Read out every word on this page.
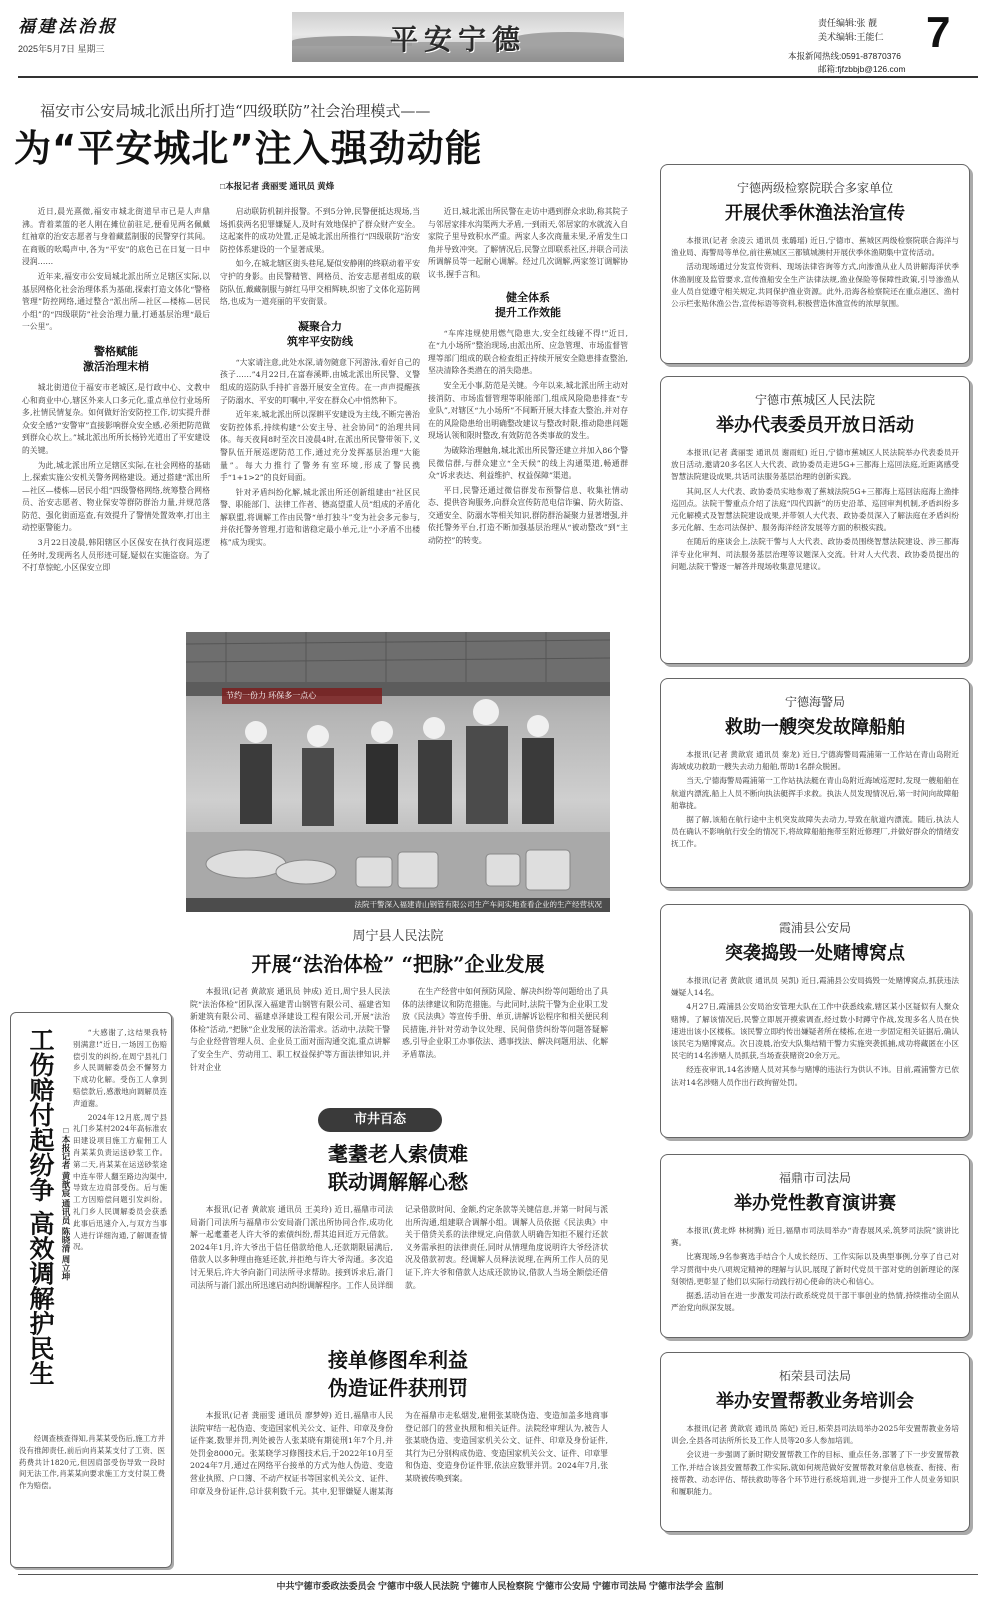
福建法治报
2025年5月7日 星期三	平安宁德	责任编辑:张 靓
美术编辑:王能仁 7
本报新闻热线:0591-87870376
邮箱:fjfzbbjb@126.com
福安市公安局城北派出所打造“四级联防”社会治理模式——
为“平安城北”注入强劲动能
□本报记者 龚丽雯 通讯员 黄烽

近日,晨光熹微,福安市城北街道早市已是人声鼎沸。背着菜篮的老人刚在摊位前驻足,便看见两名佩戴红袖章的治安志愿者与身着藏蓝制服的民警穿行其间。在商贩的吆喝声中,各为“平安”的底色已在日复一日中浸润……

近年来,福安市公安局城北派出所立足辖区实际,以基层网格化社会治理体系为基础,探索打造文体化“警格管理”防控网络,通过整合“派出所—社区—楼栋—居民小组”的“四级联防”社会治理力量,打通基层治理“最后一公里”。

警格赋能
激活治理末梢

城北街道位于福安市老城区,是行政中心、文教中心和商业中心,辖区外来人口多元化,重点单位行业场所多,社情民情复杂。如何做好治安防控工作,切实提升群众安全感?“安警审”直接影响群众安全感,必须把防范做到群众心坎上。”城北派出所所长杨钤光道出了平安建设的关键。

为此,城北派出所立足辖区实际,在社会网格的基础上,探索实施公安机关警务网格建设。通过搭建“派出所—社区—楼栋—居民小组”四级警格网络,统筹整合网格员、治安志愿者、物业保安等群防群治力量,并规范落防范、强化街面巡查,有效提升了警情处置效率,打出主动控驱警能力。

3月22日凌晨,韩阳辖区小区保安在执行夜间巡逻任务时,发现两名人员形迹可疑,疑似在实施盗窃。为了不打草惊蛇,小区保安立即

启动联防机制并报警。不到5分钟,民警便抵达现场,当场抓获两名犯罪嫌疑人,及时有效地保护了群众财产安全。这起案件的成功处置,正是城北派出所推行“四级联防”治安防控体系建设的一个显著成果。

如今,在城北辖区街头巷尾,疑似安静刚的终联动着平安守护的身影。由民警精管、网格员、治安志愿者组成的联防队伍,戴藏制服与鲜红马甲交相辉映,织密了文体化巡防网络,也成为一道亮丽的平安街景。

凝聚合力
筑牢平安防线

“大家请注意,此处水深,请勿随意下河游泳,看好自己的孩子……”4月22日,在富春溪畔,由城北派出所民警、义警组成的巡防队手持扩音器开展安全宣传。在一声声提醒孩子防溺水、平安的叮嘱中,平安在群众心中悄然种下。

近年来,城北派出所以深耕平安建设为主线,不断完善治安防控体系,持续构建“公安主导、社会协同”的治理共同体。每天夜间8时至次日凌晨4时,在派出所民警带领下,义警队伍开展巡逻防范工作,通过充分发挥基层治理“大能量”。每大力推行了警务有室环境,形成了警民携手“1+1>2”的良好局面。

针对矛盾纠纷化解,城北派出所还创新组建由“社区民警、职能部门、法律工作者、德高望重人员”组成的矛盾化解联盟,将调解工作由民警“单打独斗”变为社会多元参与,并依托警务管理,打造和谐稳定最小单元,让“小矛盾不出楼栋”成为现实。

近日,城北派出所民警在走访中遇到群众求助,称其院子与邻居家排水沟渠两大矛盾,一到雨天,邻居家的水就流入自家院子里导致积水严重。两家人多次商量未果,矛盾发生口角并导致冲突。了解情况后,民警立即联系社区,并联合司法所调解员等一起耐心调解。经过几次调解,两家签订调解协议书,握手言和。

健全体系
提升工作效能

“车库违规使用燃气隐患大,安全红线碰不得!”近日,在“九小场所”整治现场,由派出所、应急管理、市场监督管理等部门组成的联合检查组正持续开展安全隐患排查整治,坚决清除各类潜在的消失隐患。

安全无小事,防范是关键。今年以来,城北派出所主动对接消防、市场监督管理等职能部门,组成风险隐患排查“专业队”,对辖区“九小场所”不间断开展大排查大整治,并对存在的风险隐患给出明确整改建议与整改时限,推动隐患问题现场认领和限时整改,有效防范各类事故的发生。

为破除治理触角,城北派出所民警还建立并加入86个警民微信群,与群众建立“全天候”的线上沟通渠道,畅通群众“诉求表达、利益维护、权益保障”渠道。

平日,民警还通过微信群发布预警信息、收集社情动态、提供咨询服务,向群众宣传防范电信诈骗、防火防盗、交通安全、防溺水等相关知识,群防群治凝聚力显著增强,并依托警务平台,打造不断加强基层治理从“被动整改”到“主动防控”的转变。

工伤赔付起纷争 高效调解护民生 □本报记者 黄歆宸 通讯员 陈晓清 周立坤

“大感谢了,这结果我特别满意!”近日,一场因工伤赔偿引发的纠纷,在周宁县礼门乡人民调解委员会不懈努力下成功化解。受伤工人拿到赔偿款后,感激地向调解员连声道谢。

2024年12月底,周宁县礼门乡某村2024年高标准农田建设项目施工方雇佣工人肖某某负责运送砂浆工作。第二天,肖某某在运送砂浆途中连车带人翻至路边沟渠中,导致左边肩部受伤。后与施工方因赔偿问题引发纠纷。礼门乡人民调解委员会获悉此事后迅速介入,与双方当事人进行详细沟通,了解调查情况。

经调查核查得知,肖某某受伤后,施工方并没有推卸责任,前后向肖某某支付了工资、医药费共计1820元,但因肩部受伤导致一段时间无法工作,肖某某向要求施工方支付误工费作为赔偿。

节约一份力 环保多一点心
法院干警深入福建青山钢管有限公司生产车间实地查看企业的生产经营状况
周宁县人民法院
开展“法治体检” “把脉”企业发展

本报讯(记者 黄歆宸 通讯员 钟成) 近日,周宁县人民法院“法治体检”团队深入福建青山钢管有限公司、福建省知新建筑有限公司、福建卓泽建设工程有限公司,开展“法治体检”活动,“把脉”企业发展的法治需求。活动中,法院干警与企业经营管理人员、企业员工面对面沟通交流,重点讲解了安全生产、劳动用工、职工权益保护等方面法律知识,并针对企业

在生产经营中如何预防风险、解决纠纷等问题给出了具体的法律建议和防范措施。与此同时,法院干警为企业职工发放《民法典》等宣传手册、单页,讲解诉讼程序和相关便民利民措施,并针对劳动争议处理、民间借贷纠纷等问题答疑解惑,引导企业职工办事依法、遇事找法、解决问题用法、化解矛盾靠法。

市井百态
耄耋老人索债难
联动调解解心愁

本报讯(记者 黄歆宸 通讯员 王美玲) 近日,福鼎市司法局嵛门司法所与福鼎市公安局嵛门派出所协同合作,成功化解一起耄耋老人许大爷的索债纠纷,帮其追回近万元借款。2024年1月,许大爷出于信任借款给他人,还款期限届满后,借款人以多种理由拖延还款,并拒绝与许大爷沟通。多次追讨无果后,许大爷向嵛门司法所寻求帮助。接到诉求后,嵛门司法所与嵛门派出所迅速启动纠纷调解程序。工作人员详细记录借款时间、金额,约定条款等关键信息,并第一时间与派出所沟通,组建联合调解小组。调解人员依据《民法典》中关于借贷关系的法律规定,向借款人明确告知拒不履行还款义务需承担的法律责任,同时从情理角度说明许大爷经济状况及借款初衷。经调解人员释法说理,在两所工作人员的见证下,许大爷和借款人达成还款协议,借款人当场全额偿还借款。

接单修图牟利益
伪造证件获刑罚

本报讯(记者 龚丽雯 通讯员 廖梦婷) 近日,福鼎市人民法院审结一起伪造、变造国家机关公文、证件、印章及身份证件案,数罪并罚,判处被告人张某晓有期徒刑1年7个月,并处罚金8000元。张某晓学习修图技术后,于2022年10月至2024年7月,通过在网络平台接单的方式为他人伪造、变造营业执照、户口簿、不动产权证书等国家机关公文、证件、印章及身份证件,总计获利数千元。其中,犯罪嫌疑人谢某海为在福鼎市走私烟发,雇佣张某晓伪造、变造加盖多地商事登记部门的营业执照和相关证件。法院经审理认为,被告人张某晓伪造、变造国家机关公文、证件、印章及身份证件,其行为已分别构成伪造、变造国家机关公文、证件、印章罪和伪造、变造身份证件罪,依法应数罪并罚。2024年7月,张某晓被传唤到案。

宁德两级检察院联合多家单位
开展伏季休渔法治宣传

本报讯(记者 余凌云 通讯员 张璐瑶) 近日,宁德市、蕉城区两级检察院联合海洋与渔业局、海警局等单位,前往蕉城区三都镇城澳村开展伏季休渔期集中宣传活动。

活动现场通过分发宣传资料、现场法律咨询等方式,向渗渔从业人员讲解海洋伏季休渔制度及监管要求,宣传渔船安全生产法律法规,渔业保险等保障性政策,引导渗渔从业人员自觉遵守相关规定,共同保护渔业资源。此外,沿海各检察院还在重点港区、渔村公示栏张贴休渔公告,宣传标语等资料,积极营造休渔宣传的浓厚氛围。

宁德市蕉城区人民法院
举办代表委员开放日活动

本报讯(记者 龚丽雯 通讯员 谢雨虹) 近日,宁德市蕉城区人民法院举办代表委员开放日活动,邀请20多名区人大代表、政协委员走进5G+三都海上巡回法庭,近距离感受智慧法院建设成果,共话司法服务基层治理的创新实践。

其间,区人大代表、政协委员实地参观了蕉城法院5G+三都海上巡回法庭海上渔排巡回点。法院干警重点介绍了法庭“四代四新”的历史沿革、巡回审判机制,矛盾纠纷多元化解模式及智慧法院建设成果,并带领人大代表、政协委员深入了解法庭在矛盾纠纷多元化解、生态司法保护、服务海洋经济发展等方面的积极实践。

在随后的座谈会上,法院干警与人大代表、政协委员围绕智慧法院建设、涉三都海洋专业化审判、司法服务基层治理等议题深入交流。针对人大代表、政协委员提出的问题,法院干警逐一解答并现场收集意见建议。

宁德海警局
救助一艘突发故障船舶

本报讯(记者 黄歆宸 通讯员 秦龙) 近日,宁德海警局霞浦第一工作站在青山岛附近海域成功救助一艘失去动力船舶,帮助1名群众脱困。

当天,宁德海警局霞浦第一工作站执法艇在青山岛附近海域巡逻时,发现一艘船舶在航道内漂流,船上人员不断向执法艇挥手求救。执法人员发现情况后,第一时间向故障船舶靠拢。

据了解,该船在航行途中主机突发故障失去动力,导致在航道内漂流。随后,执法人员在确认不影响航行安全的情况下,将故障船舶拖带至附近修理厂,并做好群众的情绪安抚工作。

霞浦县公安局
突袭捣毁一处赌博窝点

本报讯(记者 黄歆宸 通讯员 吴凯) 近日,霞浦县公安局捣毁一处赌博窝点,抓获违法嫌疑人14名。

4月27日,霞浦县公安局治安管理大队在工作中获悉线索,辖区某小区疑似有人聚众赌博。了解该情况后,民警立即展开摸索调查,经过数小时蹲守作战,发现多名人员在快速进出该小区楼栋。该民警立即约传出嫌疑者所在楼栋,在进一步固定相关证据后,确认该民宅为赌博窝点。次日凌晨,治安大队集结精干警力实施突袭抓捕,成功将藏匿在小区民宅的14名涉赌人员抓获,当场查获赌资20余万元。

经连夜审讯,14名涉赌人员对其参与赌博的违法行为供认不讳。目前,霞浦警方已依法对14名涉赌人员作出行政拘留处罚。

福鼎市司法局
举办党性教育演讲赛

本报讯(黄北烨 林树腾) 近日,福鼎市司法局举办“青春展风采,筑梦司法院”演讲比赛。

比赛现场,9名参赛选手结合个人成长经历、工作实际以及典型事例,分享了自己对学习贯彻中央八项规定精神的理解与认识,展现了新时代党员干部对党的创新理论的深刻领悟,更彰显了他们以实际行动践行初心使命的决心和信心。

据悉,活动旨在进一步激发司法行政系统党员干部干事创业的热情,持续推动全面从严治党向纵深发展。

柘荣县司法局
举办安置帮教业务培训会

本报讯(记者 黄歆宸 通讯员 陈妃) 近日,柘荣县司法局举办2025年安置帮教业务培训会,全县各司法所所长及工作人员等20多人参加培训。

会议进一步强调了新时期安置帮教工作的目标、重点任务,部署了下一步安置帮教工作,并结合该县安置帮教工作实际,就如何规范做好安置帮教对象信息核查、衔接、衔接帮教、动态评估、帮扶救助等各个环节进行系统培训,进一步提升工作人员业务知识和履职能力。

中共宁德市委政法委员会 宁德市中级人民法院 宁德市人民检察院 宁德市公安局 宁德市司法局 宁德市法学会 监制
